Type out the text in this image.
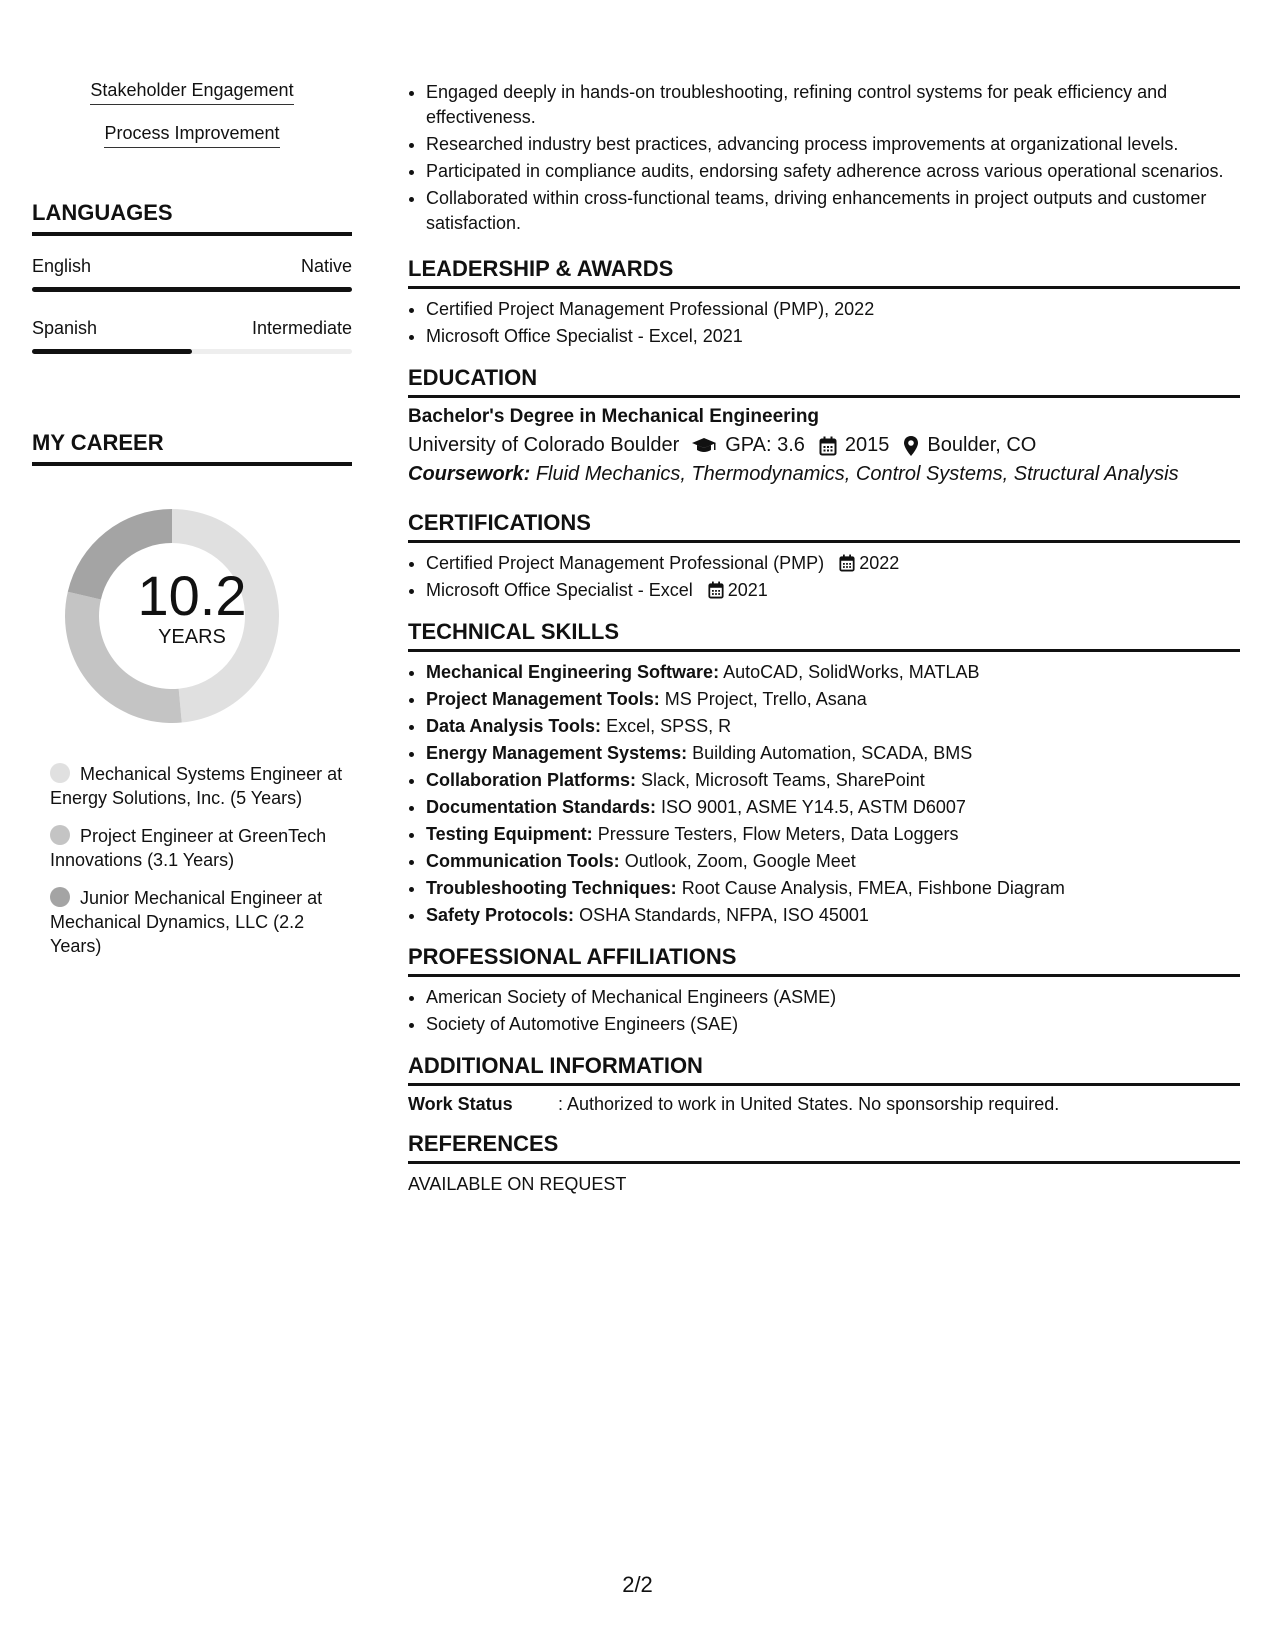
Stakeholder Engagement
Process Improvement
LANGUAGES
English	Native
Spanish	Intermediate
MY CAREER
10.2
YEARS
Mechanical Systems Engineer at Energy Solutions, Inc. (5 Years)
Project Engineer at GreenTech Innovations (3.1 Years)
Junior Mechanical Engineer at Mechanical Dynamics, LLC (2.2 Years)
• Engaged deeply in hands-on troubleshooting, refining control systems for peak efficiency and effectiveness.
• Researched industry best practices, advancing process improvements at organizational levels.
• Participated in compliance audits, endorsing safety adherence across various operational scenarios.
• Collaborated within cross-functional teams, driving enhancements in project outputs and customer satisfaction.
LEADERSHIP & AWARDS
• Certified Project Management Professional (PMP), 2022
• Microsoft Office Specialist - Excel, 2021
EDUCATION
Bachelor's Degree in Mechanical Engineering
University of Colorado Boulder GPA: 3.6 2015 Boulder, CO
Coursework: Fluid Mechanics, Thermodynamics, Control Systems, Structural Analysis
CERTIFICATIONS
• Certified Project Management Professional (PMP) 2022
• Microsoft Office Specialist - Excel 2021
TECHNICAL SKILLS
• Mechanical Engineering Software: AutoCAD, SolidWorks, MATLAB
• Project Management Tools: MS Project, Trello, Asana
• Data Analysis Tools: Excel, SPSS, R
• Energy Management Systems: Building Automation, SCADA, BMS
• Collaboration Platforms: Slack, Microsoft Teams, SharePoint
• Documentation Standards: ISO 9001, ASME Y14.5, ASTM D6007
• Testing Equipment: Pressure Testers, Flow Meters, Data Loggers
• Communication Tools: Outlook, Zoom, Google Meet
• Troubleshooting Techniques: Root Cause Analysis, FMEA, Fishbone Diagram
• Safety Protocols: OSHA Standards, NFPA, ISO 45001
PROFESSIONAL AFFILIATIONS
• American Society of Mechanical Engineers (ASME)
• Society of Automotive Engineers (SAE)
ADDITIONAL INFORMATION
Work Status	: Authorized to work in United States. No sponsorship required.
REFERENCES
AVAILABLE ON REQUEST
2/2
